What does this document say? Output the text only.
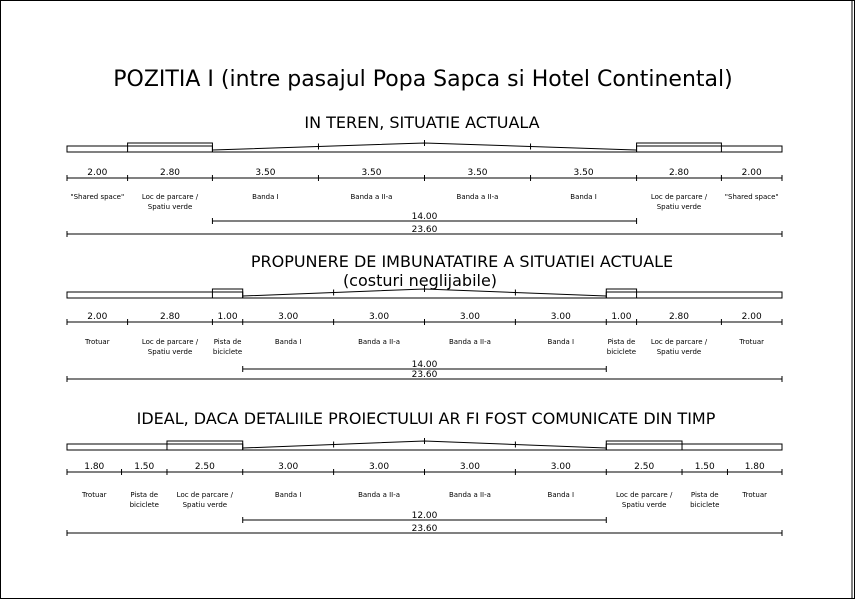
POZITIA I (intre pasajul Popa Sapca si Hotel Continental)
IN TEREN, SITUATIE ACTUALA
2.00
"Shared space"
2.80
Loc de parcare /
Spatiu verde
3.50
Banda I
3.50
Banda a II-a
3.50
Banda a II-a
3.50
Banda I
2.80
Loc de parcare /
Spatiu verde
2.00
"Shared space"
14.00
23.60
PROPUNERE DE IMBUNATATIRE A SITUATIEI ACTUALE
(costuri neglijabile)
2.00
Trotuar
2.80
Loc de parcare /
Spatiu verde
1.00
Pista de
biciclete
3.00
Banda I
3.00
Banda a II-a
3.00
Banda a II-a
3.00
Banda I
1.00
Pista de
biciclete
2.80
Loc de parcare /
Spatiu verde
2.00
Trotuar
14.00
23.60
IDEAL, DACA DETALIILE PROIECTULUI AR FI FOST COMUNICATE DIN TIMP
1.80
Trotuar
1.50
Pista de
biciclete
2.50
Loc de parcare /
Spatiu verde
3.00
Banda I
3.00
Banda a II-a
3.00
Banda a II-a
3.00
Banda I
2.50
Loc de parcare /
Spatiu verde
1.50
Pista de
biciclete
1.80
Trotuar
12.00
23.60
